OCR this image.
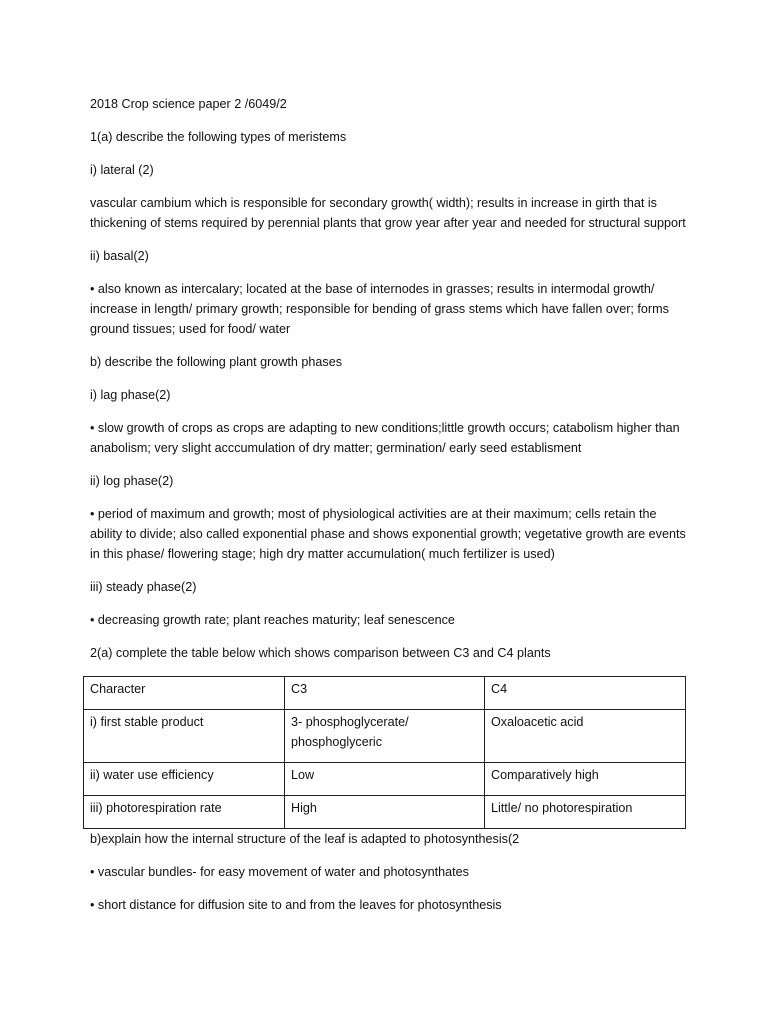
2018 Crop science paper 2 /6049/2

1(a) describe the following types of meristems

i) lateral (2)

vascular cambium which is responsible for secondary growth( width); results in increase in girth that is thickening of stems required by perennial plants that grow year after year and needed for structural support

ii) basal(2)

• also known as intercalary; located at the base of internodes in grasses; results in intermodal growth/ increase in length/ primary growth; responsible for bending of grass stems which have fallen over; forms ground tissues; used for food/ water

b) describe the following plant growth phases

i) lag phase(2)

• slow growth of crops as crops are adapting to new conditions;little growth occurs; catabolism higher than anabolism; very slight acccumulation of dry matter; germination/ early seed establisment

ii) log phase(2)

• period of maximum and growth; most of physiological activities are at their maximum; cells retain the ability to divide; also called exponential phase and shows exponential growth; vegetative growth are events in this phase/ flowering stage; high dry matter accumulation( much fertilizer is used)

iii) steady phase(2)

• decreasing growth rate; plant reaches maturity; leaf senescence

2(a) complete the table below which shows comparison between C3 and C4 plants

Character	C3	C4
i) first stable product	3- phosphoglycerate/ phosphoglyceric	Oxaloacetic acid
ii) water use efficiency	Low	Comparatively high
iii) photorespiration rate	High	Little/ no photorespiration

b)explain how the internal structure of the leaf is adapted to photosynthesis(2

• vascular bundles- for easy movement of water and photosynthates

• short distance for diffusion site to and from the leaves for photosynthesis
